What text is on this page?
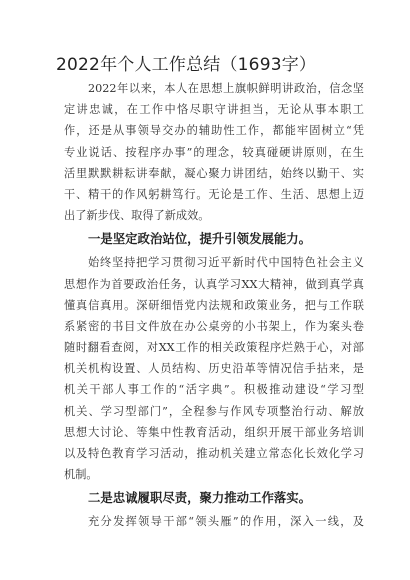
2022年个人工作总结（1693字）
2022年以来，本人在思想上旗帜鲜明讲政治，信念坚
定讲忠诚，在工作中恪尽职守讲担当，无论从事本职工
作，还是从事领导交办的辅助性工作，都能牢固树立“凭
专业说话、按程序办事”的理念，较真碰硬讲原则，在生
活里默默耕耘讲奉献，凝心聚力讲团结，始终以勤干、实
干、精干的作风躬耕笃行。无论是工作、生活、思想上迈
出了新步伐、取得了新成效。
一是坚定政治站位，提升引领发展能力。
始终坚持把学习贯彻习近平新时代中国特色社会主义
思想作为首要政治任务，认真学习XX大精神，做到真学真
懂真信真用。深研细悟党内法规和政策业务，把与工作联
系紧密的书目文件放在办公桌旁的小书架上，作为案头卷
随时翻看查阅，对XX工作的相关政策程序烂熟于心，对部
机关机构设置、人员结构、历史沿革等情况信手拈来，是
机关干部人事工作的“活字典”。积极推动建设“学习型
机关、学习型部门”，全程参与作风专项整治行动、解放
思想大讨论、等集中性教育活动，组织开展干部业务培训
以及特色教育学习活动，推动机关建立常态化长效化学习
机制。
二是忠诚履职尽责，聚力推动工作落实。
充分发挥领导干部“领头雁”的作用，深入一线，及
